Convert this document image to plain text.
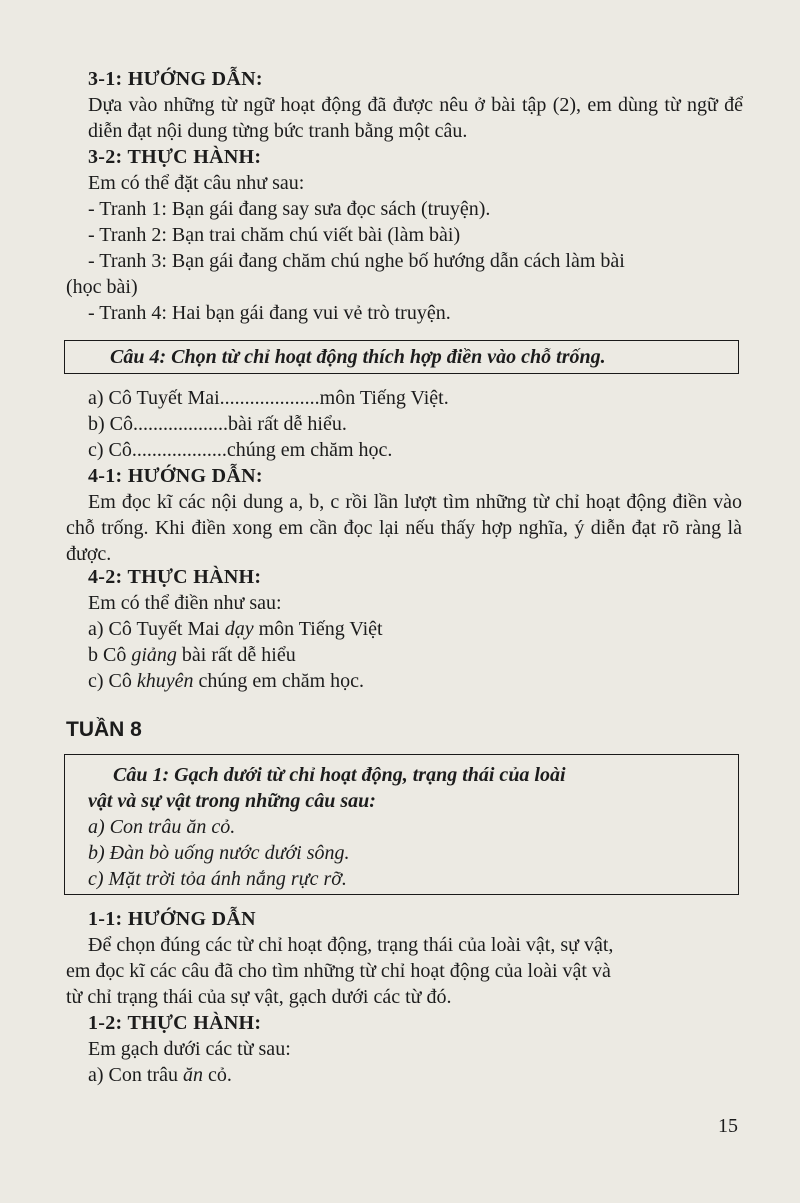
3-1: HƯỚNG DẪN:
Dựa vào những từ ngữ hoạt động đã được nêu ở bài tập (2), em dùng từ ngữ để diễn đạt nội dung từng bức tranh bằng một câu.
3-2: THỰC HÀNH:
Em có thể đặt câu như sau:
- Tranh 1: Bạn gái đang say sưa đọc sách (truyện).
- Tranh 2: Bạn trai chăm chú viết bài (làm bài)
- Tranh 3: Bạn gái đang chăm chú nghe bố hướng dẫn cách làm bài
(học bài)
- Tranh 4: Hai bạn gái đang vui vẻ trò truyện.
Câu 4: Chọn từ chỉ hoạt động thích hợp điền vào chỗ trống.
a) Cô Tuyết Mai....................môn Tiếng Việt.
b) Cô...................bài rất dễ hiểu.
c) Cô...................chúng em chăm học.
4-1: HƯỚNG DẪN:
Em đọc kĩ các nội dung a, b, c rồi lần lượt tìm những từ chỉ hoạt động điền vào chỗ trống. Khi điền xong em cần đọc lại nếu thấy hợp nghĩa, ý diễn đạt rõ ràng là được.
4-2: THỰC HÀNH:
Em có thể điền như sau:
a) Cô Tuyết Mai dạy môn Tiếng Việt
b Cô giảng bài rất dễ hiểu
c) Cô khuyên chúng em chăm học.
TUẦN 8
Câu 1: Gạch dưới từ chỉ hoạt động, trạng thái của loài
vật và sự vật trong những câu sau:
a) Con trâu ăn cỏ.
b) Đàn bò uống nước dưới sông.
c) Mặt trời tỏa ánh nắng rực rỡ.
1-1: HƯỚNG DẪN
Để chọn đúng các từ chỉ hoạt động, trạng thái của loài vật, sự vật,
em đọc kĩ các câu đã cho tìm những từ chỉ hoạt động của loài vật và
từ chỉ trạng thái của sự vật, gạch dưới các từ đó.
1-2: THỰC HÀNH:
Em gạch dưới các từ sau:
a) Con trâu ăn cỏ.
15
